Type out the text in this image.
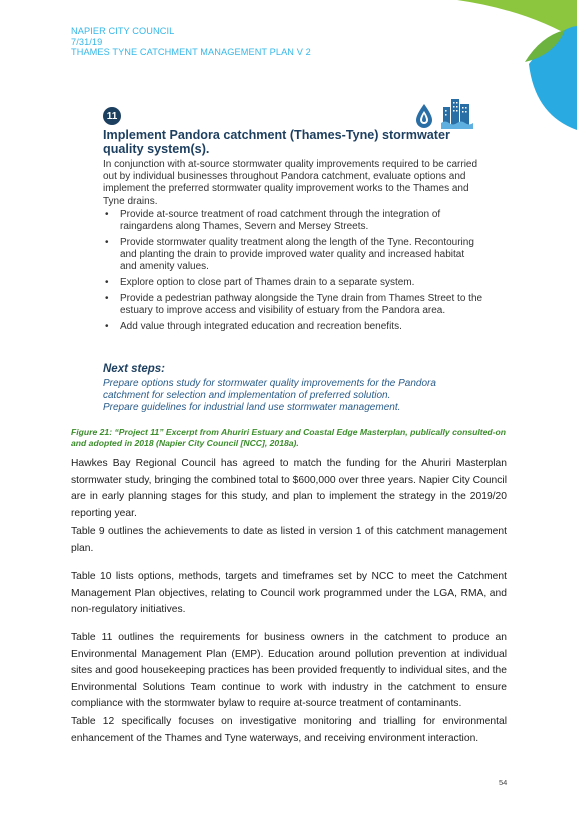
NAPIER CITY COUNCIL
7/31/19
THAMES TYNE CATCHMENT MANAGEMENT PLAN V 2
11
Implement Pandora catchment (Thames-Tyne) stormwater quality system(s).
In conjunction with at-source stormwater quality improvements required to be carried out by individual businesses throughout Pandora catchment, evaluate options and implement the preferred stormwater quality improvement works to the Thames and Tyne drains.
• Provide at-source treatment of road catchment through the integration of raingardens along Thames, Severn and Mersey Streets.
• Provide stormwater quality treatment along the length of the Tyne. Recontouring and planting the drain to provide improved water quality and increased habitat and amenity values.
• Explore option to close part of Thames drain to a separate system.
• Provide a pedestrian pathway alongside the Tyne drain from Thames Street to the estuary to improve access and visibility of estuary from the Pandora area.
• Add value through integrated education and recreation benefits.
Next steps:
Prepare options study for stormwater quality improvements for the Pandora catchment for selection and implementation of preferred solution.
Prepare guidelines for industrial land use stormwater management.
Figure 21: “Project 11” Excerpt from Ahuriri Estuary and Coastal Edge Masterplan, publically consulted-on and adopted in 2018 (Napier City Council [NCC], 2018a).

Hawkes Bay Regional Council has agreed to match the funding for the Ahuriri Masterplan stormwater study, bringing the combined total to $600,000 over three years. Napier City Council are in early planning stages for this study, and plan to implement the strategy in the 2019/20 reporting year.

Table 9 outlines the achievements to date as listed in version 1 of this catchment management plan.

Table 10 lists options, methods, targets and timeframes set by NCC to meet the Catchment Management Plan objectives, relating to Council work programmed under the LGA, RMA, and non-regulatory initiatives.

Table 11 outlines the requirements for business owners in the catchment to produce an Environmental Management Plan (EMP). Education around pollution prevention at individual sites and good housekeeping practices has been provided frequently to individual sites, and the Environmental Solutions Team continue to work with industry in the catchment to ensure compliance with the stormwater bylaw to require at-source treatment of contaminants.

Table 12 specifically focuses on investigative monitoring and trialling for environmental enhancement of the Thames and Tyne waterways, and receiving environment interaction.

54
